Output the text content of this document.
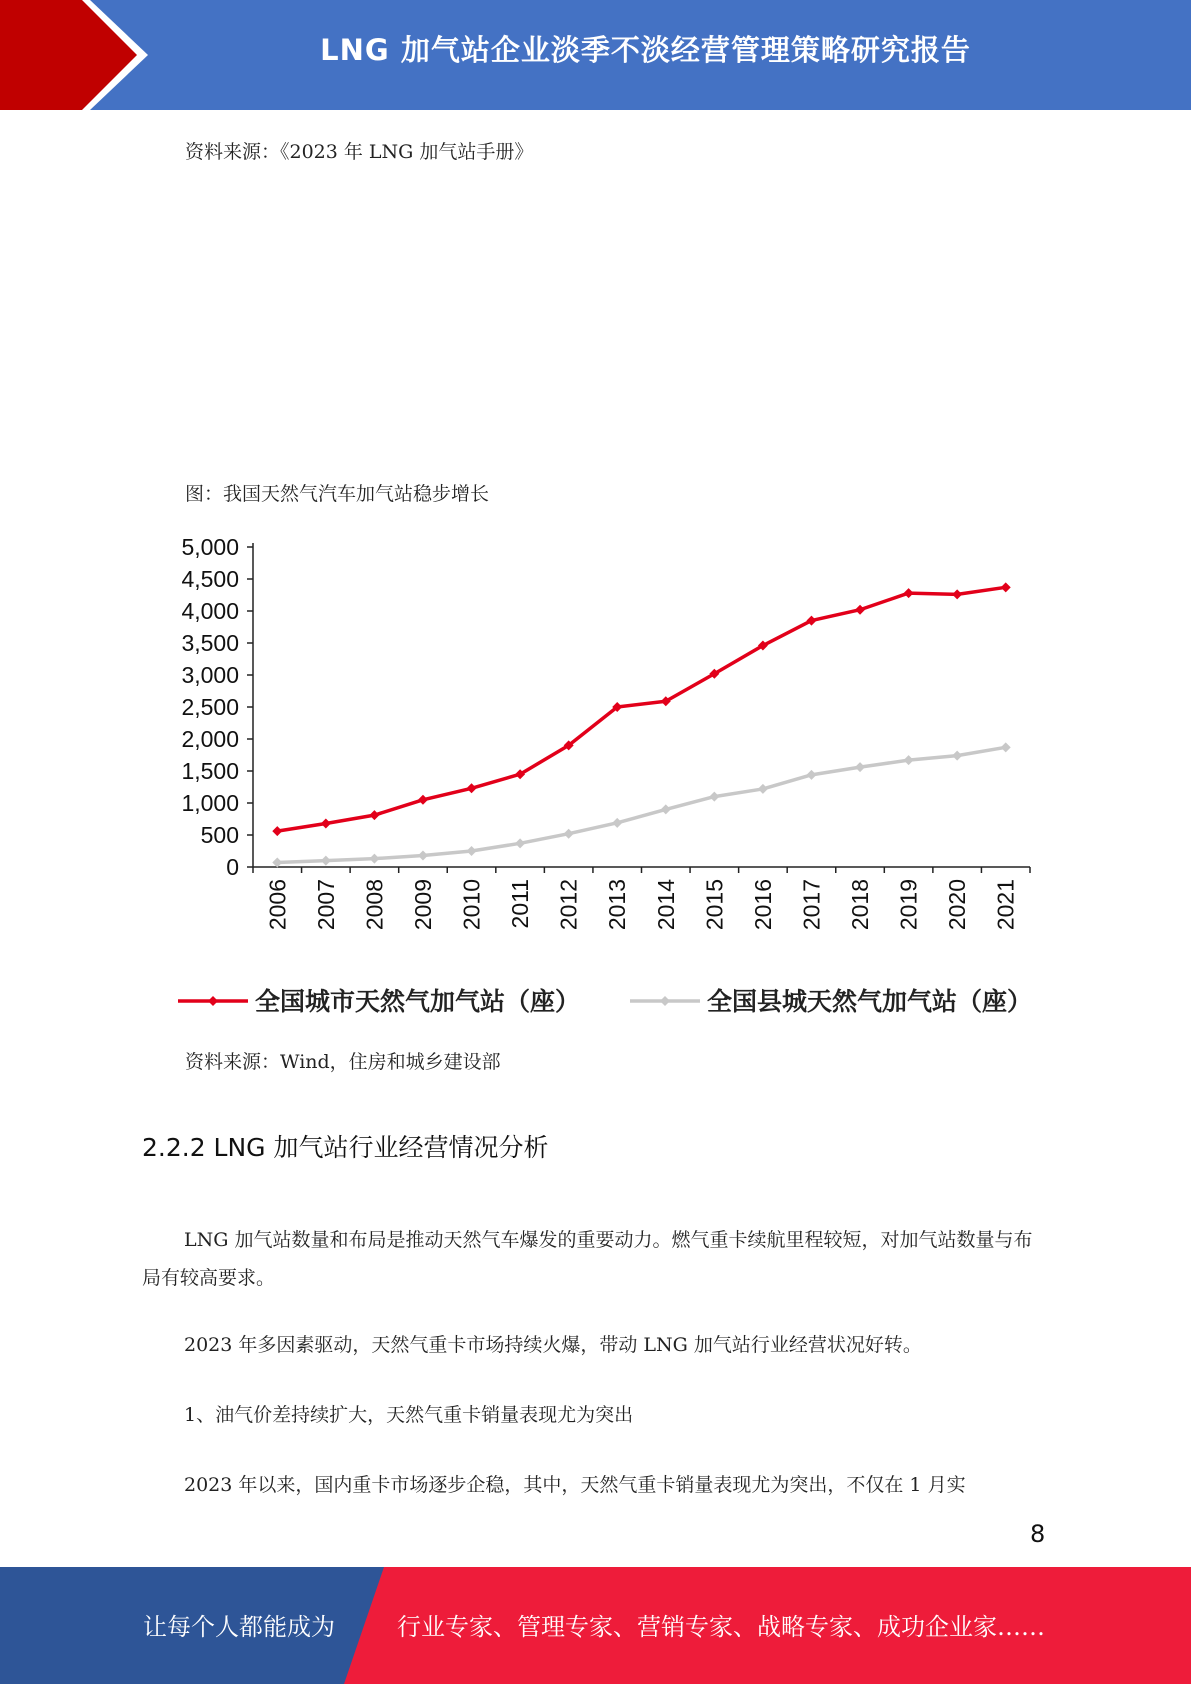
LNG 加气站企业淡季不淡经营管理策略研究报告
资料来源：《2023 年 LNG 加气站手册》
图：我国天然气汽车加气站稳步增长
0
500
1,000
1,500
2,000
2,500
3,000
3,500
4,000
4,500
5,000
2006 2007 2008 2009 2010 2011 2012 2013 2014 2015 2016 2017 2018 2019 2020 2021
全国城市天然气加气站（座）	全国县城天然气加气站（座）
资料来源：Wind，住房和城乡建设部
2.2.2 LNG 加气站行业经营情况分析
LNG 加气站数量和布局是推动天然气车爆发的重要动力。燃气重卡续航里程较短，对加气站数量与布局有较高要求。
2023 年多因素驱动，天然气重卡市场持续火爆，带动 LNG 加气站行业经营状况好转。
1、油气价差持续扩大，天然气重卡销量表现尤为突出
2023 年以来，国内重卡市场逐步企稳，其中，天然气重卡销量表现尤为突出，不仅在 1 月实
8
让每个人都能成为	行业专家、管理专家、营销专家、战略专家、成功企业家……
